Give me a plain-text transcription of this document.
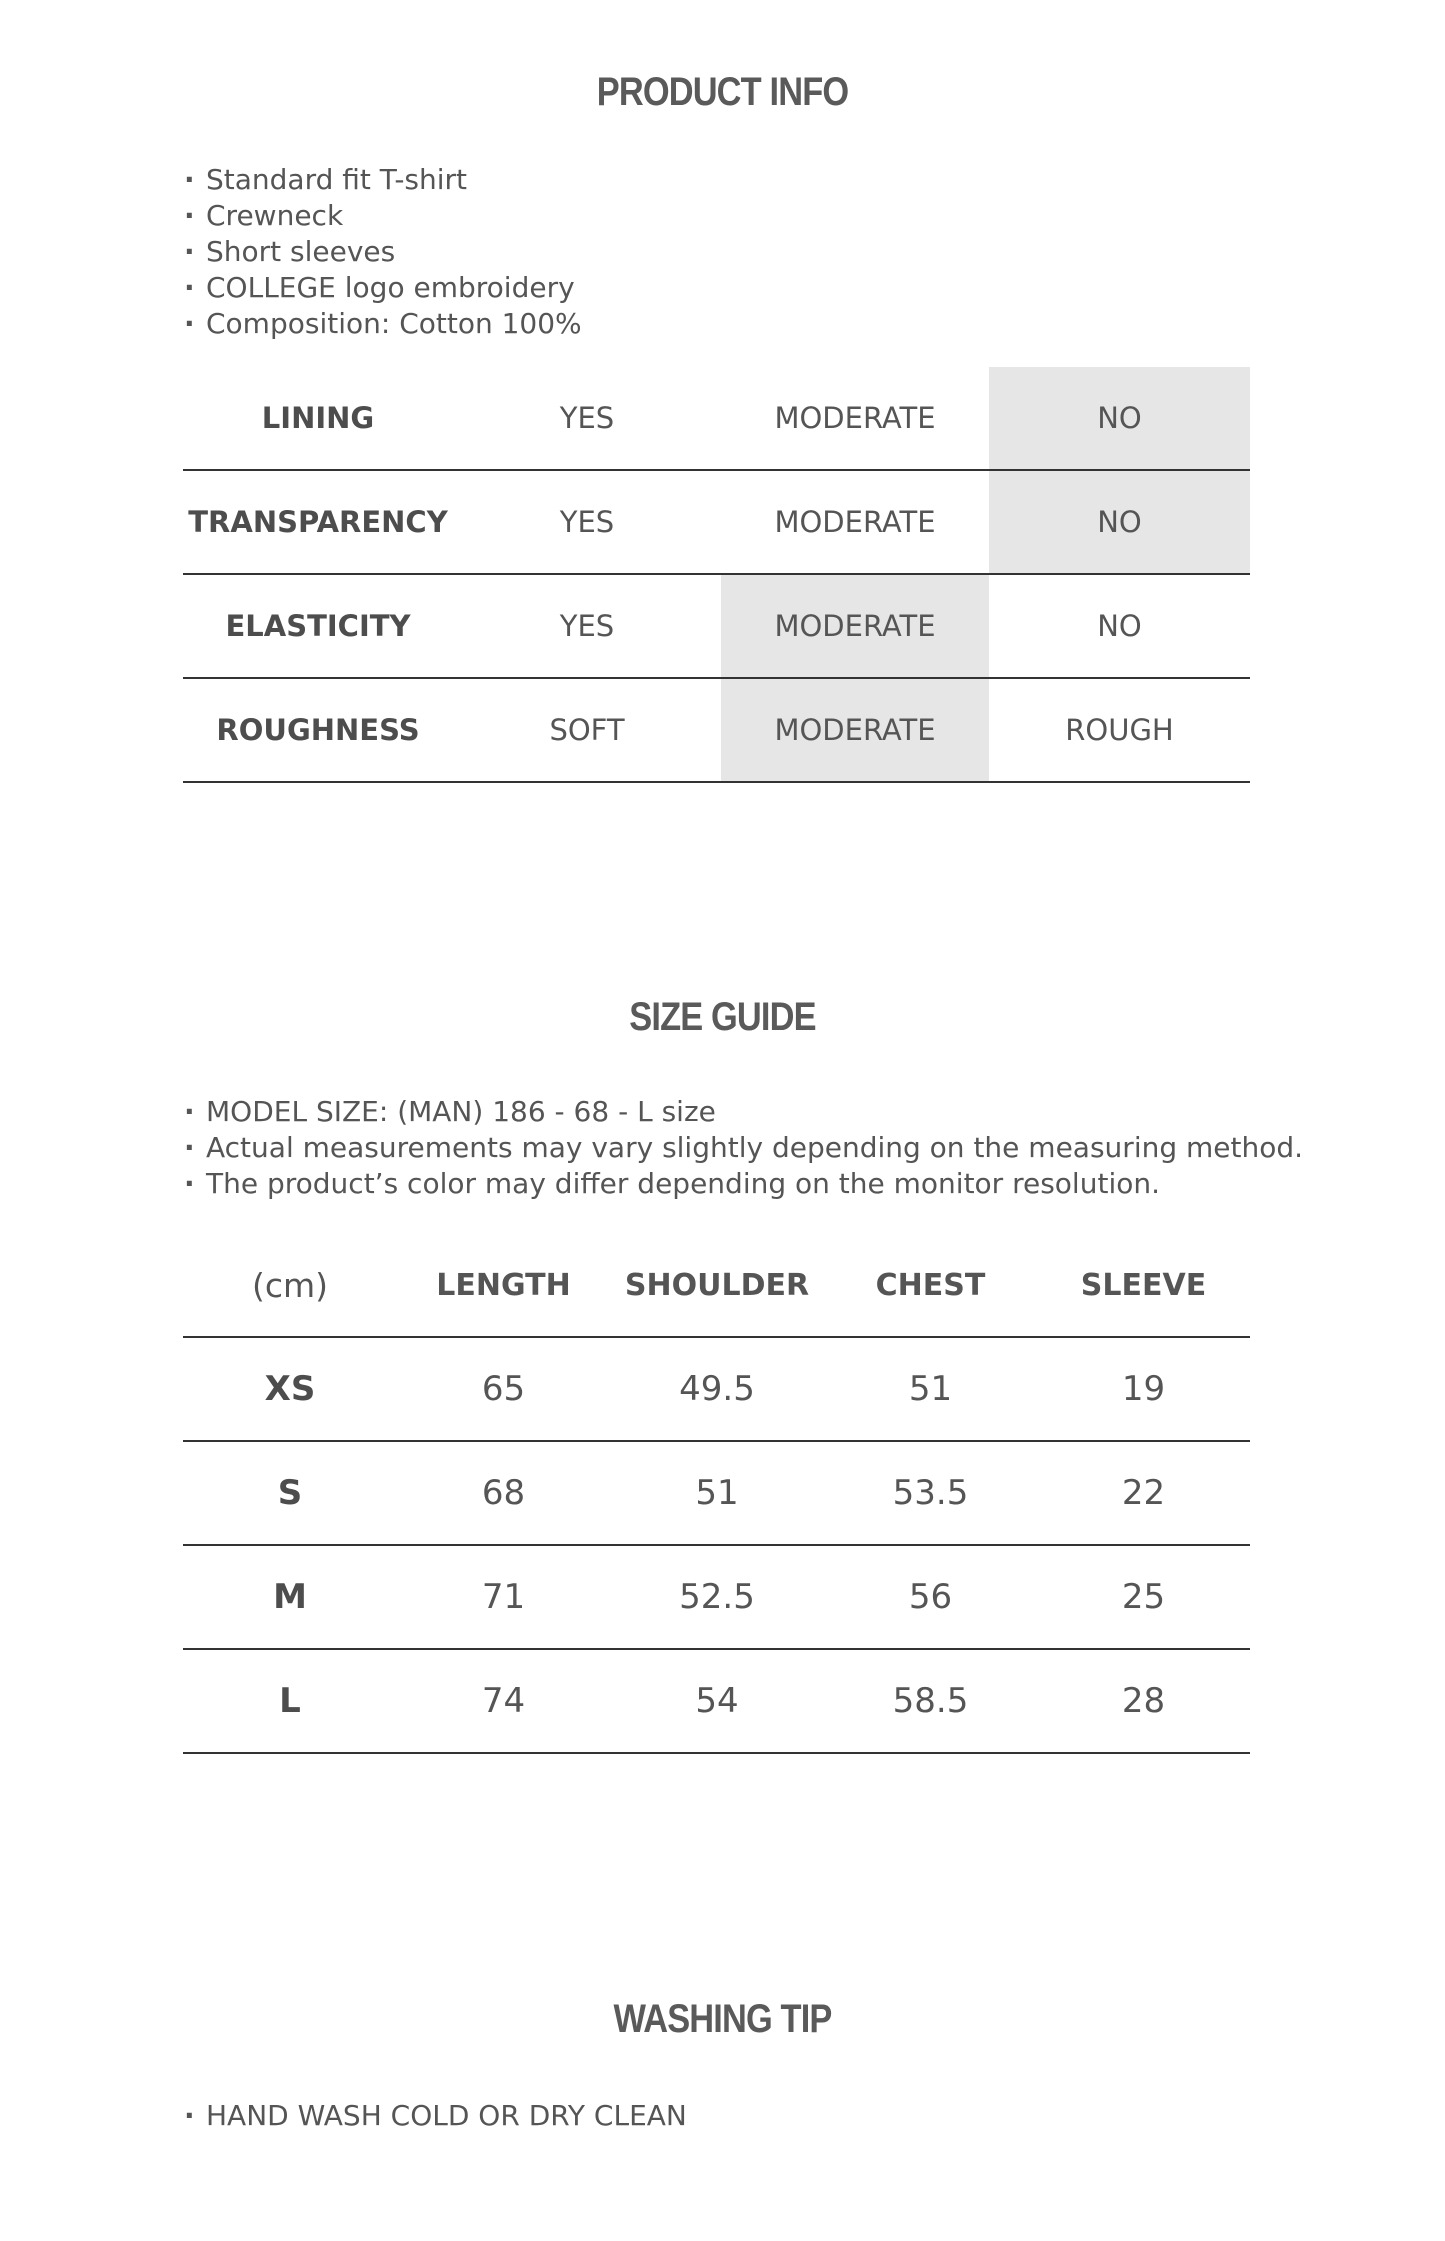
PRODUCT INFO
· Standard fit T-shirt
· Crewneck
· Short sleeves
· COLLEGE logo embroidery
· Composition: Cotton 100%
LINING	YES	MODERATE	NO
TRANSPARENCY	YES	MODERATE	NO
ELASTICITY	YES	MODERATE	NO
ROUGHNESS	SOFT	MODERATE	ROUGH
SIZE GUIDE
· MODEL SIZE: (MAN) 186 - 68 - L size
· Actual measurements may vary slightly depending on the measuring method.
· The product’s color may differ depending on the monitor resolution.
(cm)	LENGTH	SHOULDER	CHEST	SLEEVE
XS	65	49.5	51	19
S	68	51	53.5	22
M	71	52.5	56	25
L	74	54	58.5	28
WASHING TIP
· HAND WASH COLD OR DRY CLEAN
